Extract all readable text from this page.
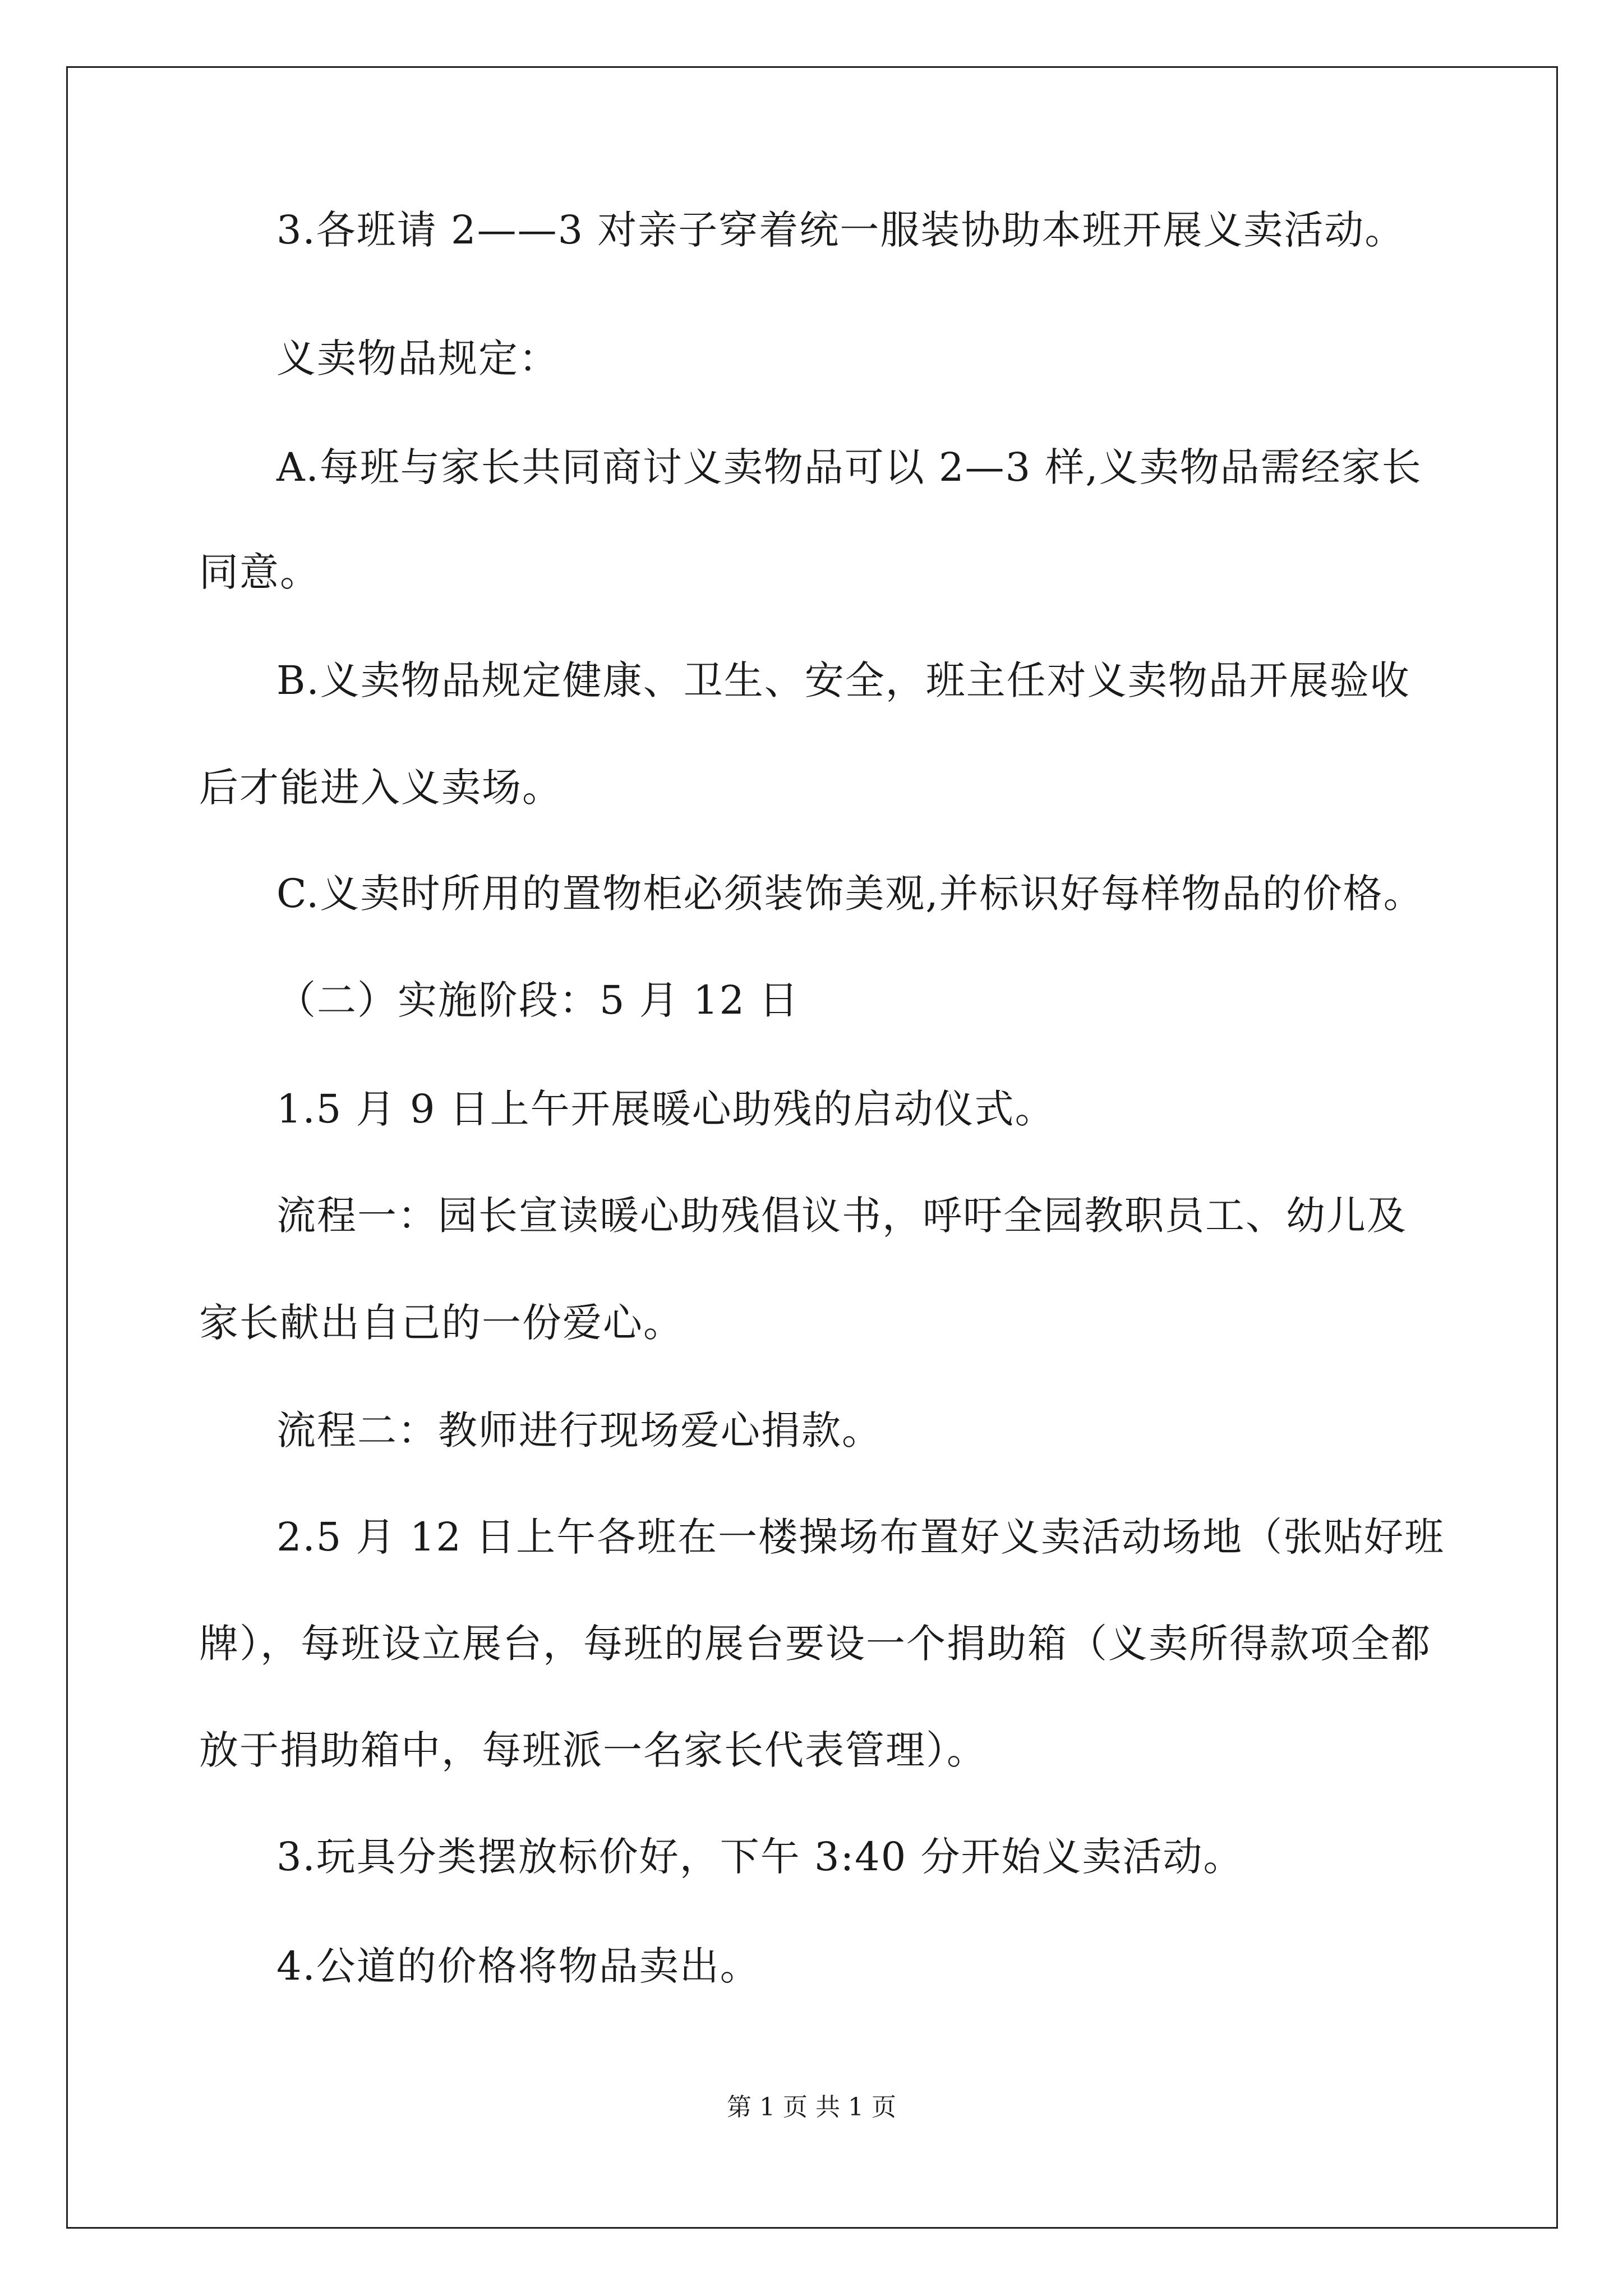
3.各班请 2——3 对亲子穿着统一服装协助本班开展义卖活动。
义卖物品规定：
A.每班与家长共同商讨义卖物品可以 2—3 样,义卖物品需经家长
同意。
B.义卖物品规定健康、卫生、安全，班主任对义卖物品开展验收
后才能进入义卖场。
C.义卖时所用的置物柜必须装饰美观,并标识好每样物品的价格。
（二）实施阶段：5 月 12 日
1.5 月 9 日上午开展暖心助残的启动仪式。
流程一：园长宣读暖心助残倡议书，呼吁全园教职员工、幼儿及
家长献出自己的一份爱心。
流程二：教师进行现场爱心捐款。
2.5 月 12 日上午各班在一楼操场布置好义卖活动场地（张贴好班
牌），每班设立展台，每班的展台要设一个捐助箱（义卖所得款项全都
放于捐助箱中，每班派一名家长代表管理）。
3.玩具分类摆放标价好，下午 3:40 分开始义卖活动。
4.公道的价格将物品卖出。
第 1 页 共 1 页
